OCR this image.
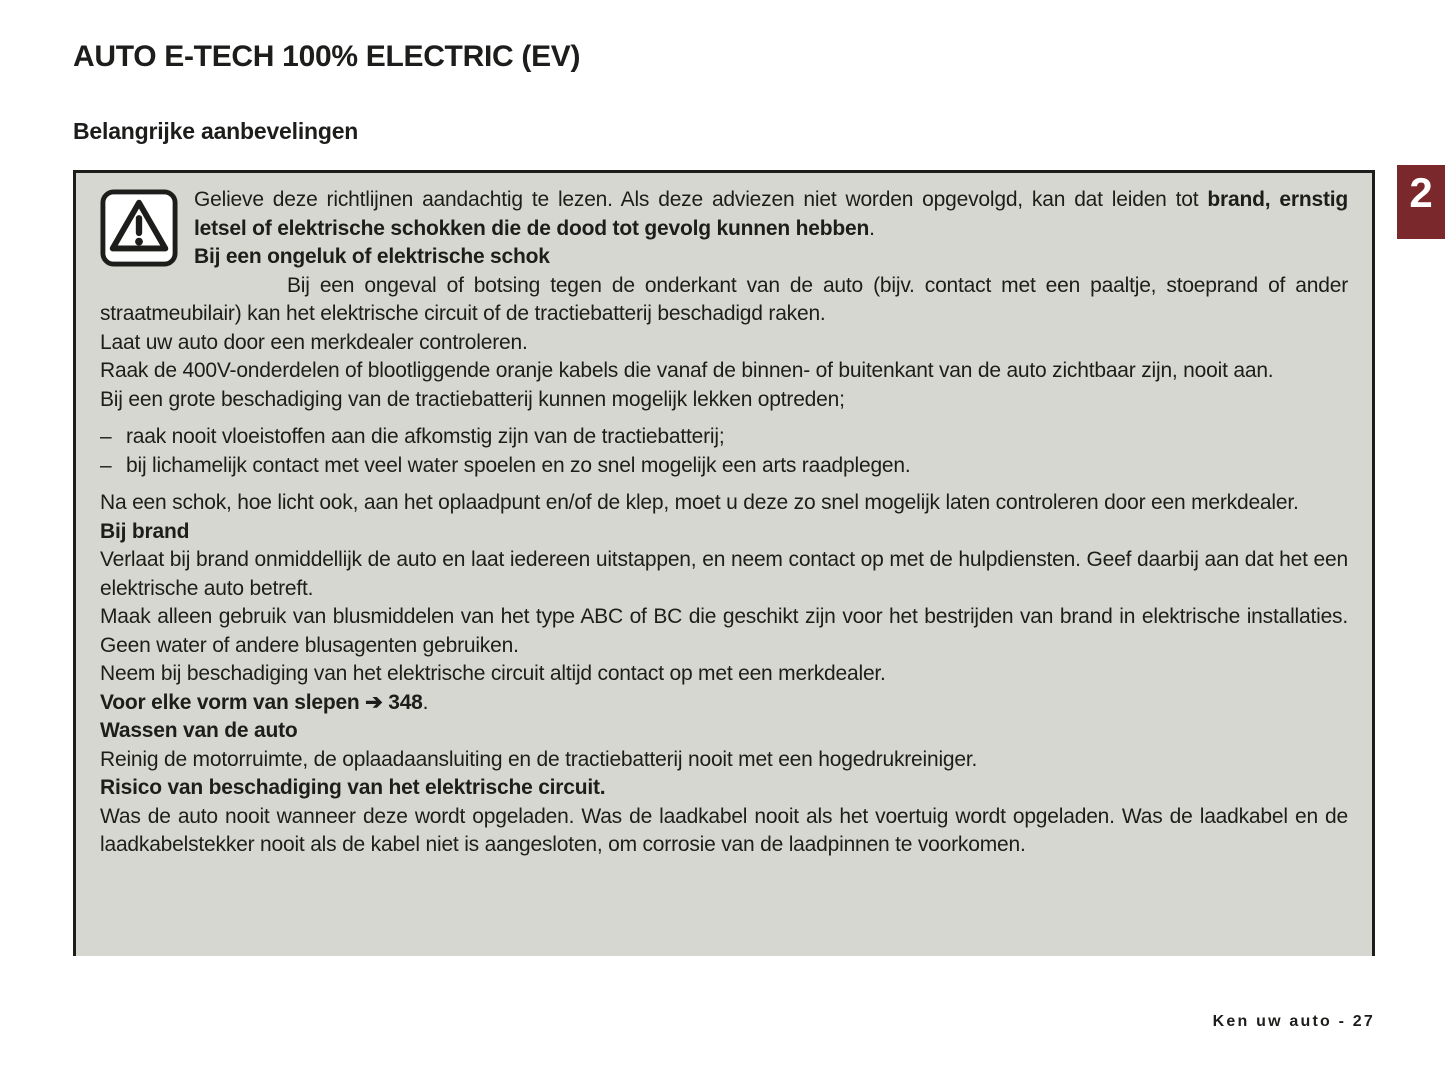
AUTO E-TECH 100% ELECTRIC (EV)
Belangrijke aanbevelingen

Gelieve deze richtlijnen aandachtig te lezen. Als deze adviezen niet worden opgevolgd, kan dat leiden tot brand, ernstig letsel of elektrische schokken die de dood tot gevolg kunnen hebben.

Bij een ongeluk of elektrische schok

Bij een ongeval of botsing tegen de onderkant van de auto (bijv. contact met een paaltje, stoeprand of ander straatmeubilair) kan het elektrische circuit of de tractiebatterij beschadigd raken.

Laat uw auto door een merkdealer controleren.

Raak de 400V-onderdelen of blootliggende oranje kabels die vanaf de binnen- of buitenkant van de auto zichtbaar zijn, nooit aan.

Bij een grote beschadiging van de tractiebatterij kunnen mogelijk lekken optreden;

– raak nooit vloeistoffen aan die afkomstig zijn van de tractiebatterij;
– bij lichamelijk contact met veel water spoelen en zo snel mogelijk een arts raadplegen.

Na een schok, hoe licht ook, aan het oplaadpunt en/of de klep, moet u deze zo snel mogelijk laten controleren door een merkdealer.

Bij brand

Verlaat bij brand onmiddellijk de auto en laat iedereen uitstappen, en neem contact op met de hulpdiensten. Geef daarbij aan dat het een elektrische auto betreft.

Maak alleen gebruik van blusmiddelen van het type ABC of BC die geschikt zijn voor het bestrijden van brand in elektrische installaties. Geen water of andere blusagenten gebruiken.

Neem bij beschadiging van het elektrische circuit altijd contact op met een merkdealer.

Voor elke vorm van slepen ➔ 348.

Wassen van de auto

Reinig de motorruimte, de oplaadaansluiting en de tractiebatterij nooit met een hogedrukreiniger.

Risico van beschadiging van het elektrische circuit.

Was de auto nooit wanneer deze wordt opgeladen. Was de laadkabel nooit als het voertuig wordt opgeladen. Was de laadkabel en de laadkabelstekker nooit als de kabel niet is aangesloten, om corrosie van de laadpinnen te voorkomen.

2
Ken uw auto - 27
